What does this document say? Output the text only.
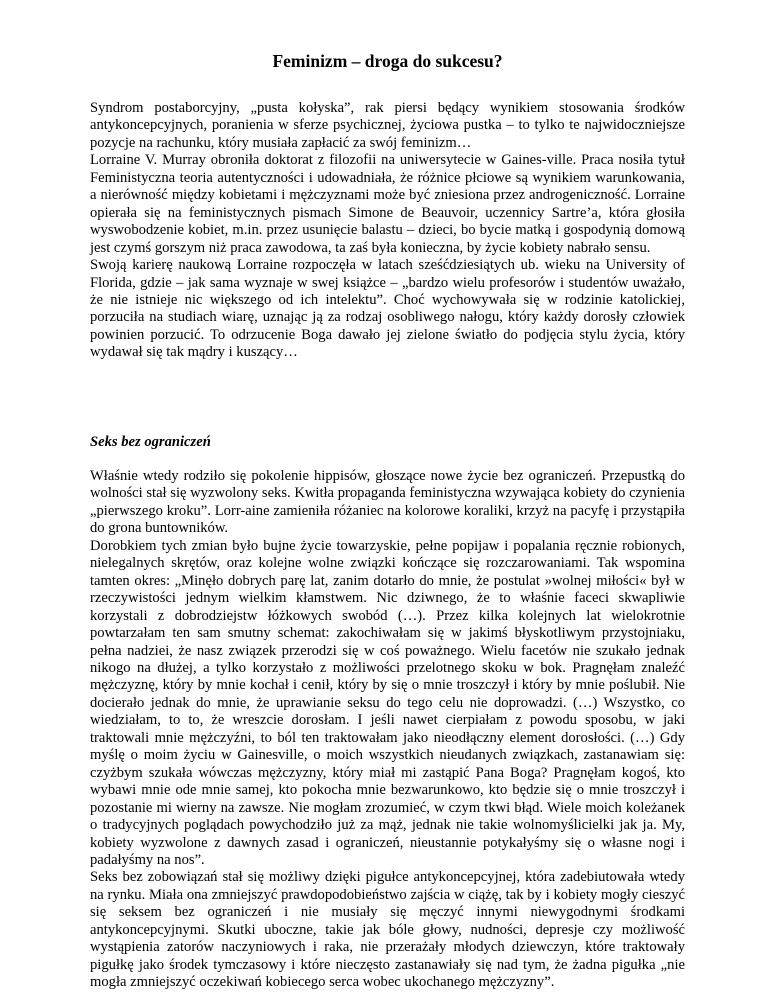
Feminizm – droga do sukcesu?

Syndrom postaborcyjny, „pusta kołyska”, rak piersi będący wynikiem stosowania środków antykoncepcyjnych, poranienia w sferze psychicznej, życiowa pustka – to tylko te najwidoczniejsze pozycje na rachunku, który musiała zapłacić za swój feminizm…

Lorraine V. Murray obroniła doktorat z filozofii na uniwersytecie w Gaines-ville. Praca nosiła tytuł Feministyczna teoria autentyczności i udowadniała, że różnice płciowe są wynikiem warunkowania, a nierówność między kobietami i mężczyznami może być zniesiona przez androgeniczność. Lorraine opierała się na feministycznych pismach Simone de Beauvoir, uczennicy Sartre’a, która głosiła wyswobodzenie kobiet, m.in. przez usunięcie balastu – dzieci, bo bycie matką i gospodynią domową jest czymś gorszym niż praca zawodowa, ta zaś była konieczna, by życie kobiety nabrało sensu.

Swoją karierę naukową Lorraine rozpoczęła w latach sześćdziesiątych ub. wieku na University of Florida, gdzie – jak sama wyznaje w swej książce – „bardzo wielu profesorów i studentów uważało, że nie istnieje nic większego od ich intelektu”. Choć wychowywała się w rodzinie katolickiej, porzuciła na studiach wiarę, uznając ją za rodzaj osobliwego nałogu, który każdy dorosły człowiek powinien porzucić. To odrzucenie Boga dawało jej zielone światło do podjęcia stylu życia, który wydawał się tak mądry i kuszący…

Seks bez ograniczeń

Właśnie wtedy rodziło się pokolenie hippisów, głoszące nowe życie bez ograniczeń. Przepustką do wolności stał się wyzwolony seks. Kwitła propaganda feministyczna wzywająca kobiety do czynienia „pierwszego kroku”. Lorr-aine zamieniła różaniec na kolorowe koraliki, krzyż na pacyfę i przystąpiła do grona buntowników.

Dorobkiem tych zmian było bujne życie towarzyskie, pełne popijaw i popalania ręcznie robionych, nielegalnych skrętów, oraz kolejne wolne związki kończące się rozczarowaniami. Tak wspomina tamten okres: „Minęło dobrych parę lat, zanim dotarło do mnie, że postulat »wolnej miłości« był w rzeczywistości jednym wielkim kłamstwem. Nic dziwnego, że to właśnie faceci skwapliwie korzystali z dobrodziejstw łóżkowych swobód (…). Przez kilka kolejnych lat wielokrotnie powtarzałam ten sam smutny schemat: zakochiwałam się w jakimś błyskotliwym przystojniaku, pełna nadziei, że nasz związek przerodzi się w coś poważnego. Wielu facetów nie szukało jednak nikogo na dłużej, a tylko korzystało z możliwości przelotnego skoku w bok. Pragnęłam znaleźć mężczyznę, który by mnie kochał i cenił, który by się o mnie troszczył i który by mnie poślubił. Nie docierało jednak do mnie, że uprawianie seksu do tego celu nie doprowadzi. (…) Wszystko, co wiedziałam, to to, że wreszcie dorosłam. I jeśli nawet cierpiałam z powodu sposobu, w jaki traktowali mnie mężczyźni, to ból ten traktowałam jako nieodłączny element dorosłości. (…) Gdy myślę o moim życiu w Gainesville, o moich wszystkich nieudanych związkach, zastanawiam się: czyżbym szukała wówczas mężczyzny, który miał mi zastąpić Pana Boga? Pragnęłam kogoś, kto wybawi mnie ode mnie samej, kto pokocha mnie bezwarunkowo, kto będzie się o mnie troszczył i pozostanie mi wierny na zawsze. Nie mogłam zrozumieć, w czym tkwi błąd. Wiele moich koleżanek o tradycyjnych poglądach powychodziło już za mąż, jednak nie takie wolnomyślicielki jak ja. My, kobiety wyzwolone z dawnych zasad i ograniczeń, nieustannie potykałyśmy się o własne nogi i padałyśmy na nos”.

Seks bez zobowiązań stał się możliwy dzięki pigułce antykoncepcyjnej, która zadebiutowała wtedy na rynku. Miała ona zmniejszyć prawdopodobieństwo zajścia w ciążę, tak by i kobiety mogły cieszyć się seksem bez ograniczeń i nie musiały się męczyć innymi niewygodnymi środkami antykoncepcyjnymi. Skutki uboczne, takie jak bóle głowy, nudności, depresje czy możliwość wystąpienia zatorów naczyniowych i raka, nie przerażały młodych dziewczyn, które traktowały pigułkę jako środek tymczasowy i które nieczęsto zastanawiały się nad tym, że żadna pigułka „nie mogła zmniejszyć oczekiwań kobiecego serca wobec ukochanego mężczyzny”.
